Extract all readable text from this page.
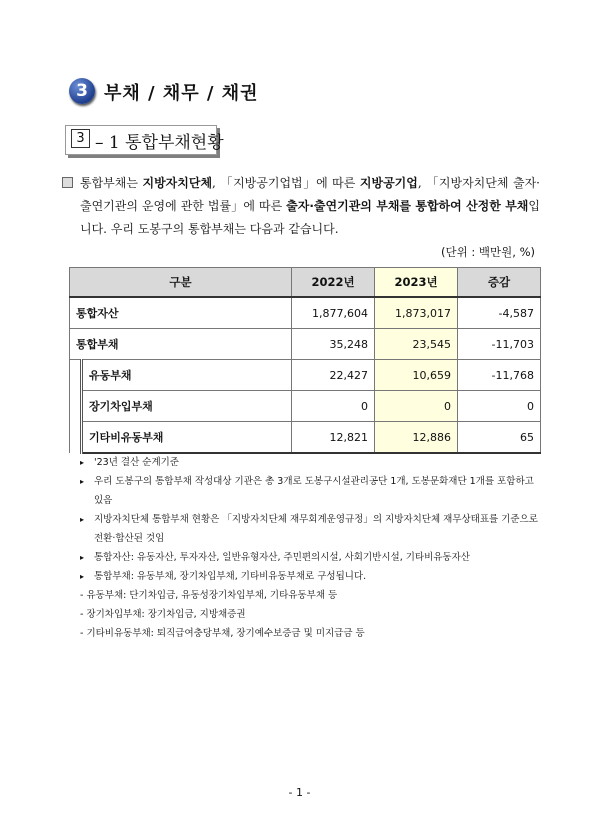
3 부채 / 채무 / 채권
3 – 1 통합부채현황
통합부채는 지방자치단체, 「지방공기업법」에 따른 지방공기업, 「지방자치단체 출자·출연기관의 운영에 관한 법률」에 따른 출자·출연기관의 부채를 통합하여 산정한 부채입니다. 우리 도봉구의 통합부채는 다음과 같습니다.
(단위 : 백만원, %)
구분		2022년	2023년	증감
통합자산		1,877,604	1,873,017	-4,587
통합부채		35,248	23,545	-11,703
	유동부채	22,427	10,659	-11,768
	장기차입부채	0	0	0
	기타비유동부채	12,821	12,886	65
▸ '23년 결산 순계기준
▸ 우리 도봉구의 통합부채 작성대상 기관은 총 3개로 도봉구시설관리공단 1개, 도봉문화재단 1개를 포함하고 있음
▸ 지방자치단체 통합부채 현황은 「지방자치단체 재무회계운영규정」의 지방자치단체 재무상태표를 기준으로 전환·합산된 것임
▸ 통합자산: 유동자산, 투자자산, 일반유형자산, 주민편의시설, 사회기반시설, 기타비유동자산
▸ 통합부채: 유동부채, 장기차입부채, 기타비유동부채로 구성됩니다.
- 유동부채: 단기차입금, 유동성장기차입부채, 기타유동부채 등
- 장기차입부채: 장기차입금, 지방채증권
- 기타비유동부채: 퇴직급여충당부채, 장기예수보증금 및 미지급금 등
- 1 -
